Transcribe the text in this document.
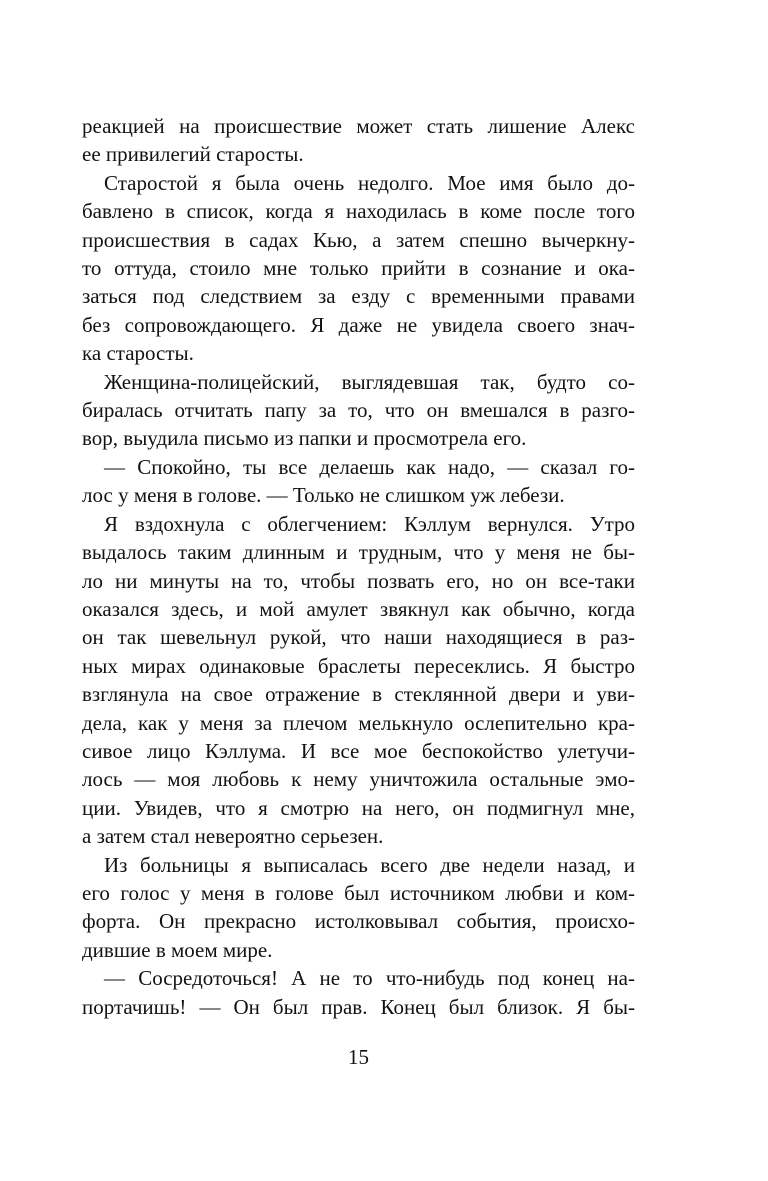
реакцией на происшествие может стать лишение Алекс
ее привилегий старосты.
Старостой я была очень недолго. Мое имя было до-
бавлено в список, когда я находилась в коме после того
происшествия в садах Кью, а затем спешно вычеркну-
то оттуда, стоило мне только прийти в сознание и ока-
заться под следствием за езду с временными правами
без сопровождающего. Я даже не увидела своего знач-
ка старосты.
Женщина-полицейский, выглядевшая так, будто со-
биралась отчитать папу за то, что он вмешался в разго-
вор, выудила письмо из папки и просмотрела его.
— Спокойно, ты все делаешь как надо, — сказал го-
лос у меня в голове. — Только не слишком уж лебези.
Я вздохнула с облегчением: Кэллум вернулся. Утро
выдалось таким длинным и трудным, что у меня не бы-
ло ни минуты на то, чтобы позвать его, но он все-таки
оказался здесь, и мой амулет звякнул как обычно, когда
он так шевельнул рукой, что наши находящиеся в раз-
ных мирах одинаковые браслеты пересеклись. Я быстро
взглянула на свое отражение в стеклянной двери и уви-
дела, как у меня за плечом мелькнуло ослепительно кра-
сивое лицо Кэллума. И все мое беспокойство улетучи-
лось — моя любовь к нему уничтожила остальные эмо-
ции. Увидев, что я смотрю на него, он подмигнул мне,
а затем стал невероятно серьезен.
Из больницы я выписалась всего две недели назад, и
его голос у меня в голове был источником любви и ком-
форта. Он прекрасно истолковывал события, происхо-
дившие в моем мире.
— Сосредоточься! А не то что-нибудь под конец на-
портачишь! — Он был прав. Конец был близок. Я бы-
15
